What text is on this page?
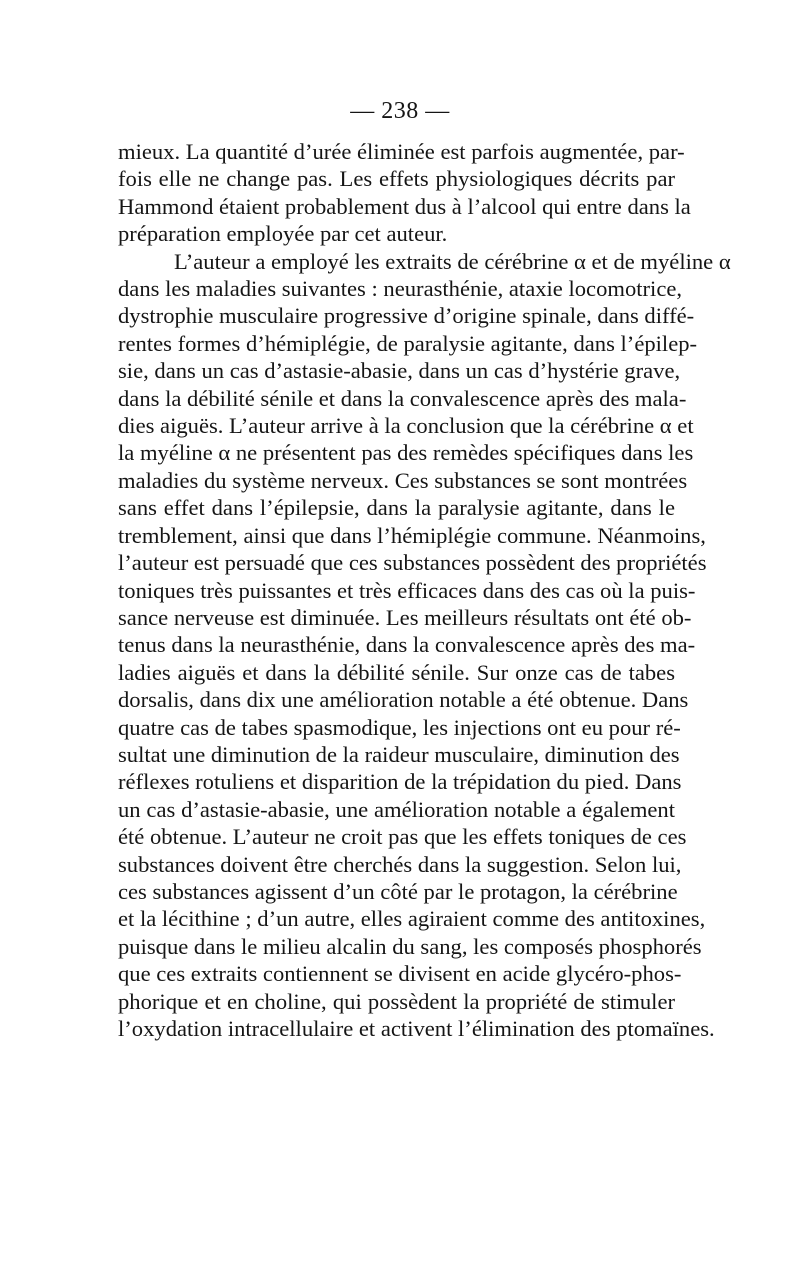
— 238 —
mieux. La quantité d’urée éliminée est parfois augmentée, par-
fois elle ne change pas. Les effets physiologiques décrits par
Hammond étaient probablement dus à l’alcool qui entre dans la
préparation employée par cet auteur.
L’auteur a employé les extraits de cérébrine α et de myéline α
dans les maladies suivantes : neurasthénie, ataxie locomotrice,
dystrophie musculaire progressive d’origine spinale, dans diffé-
rentes formes d’hémiplégie, de paralysie agitante, dans l’épilep-
sie, dans un cas d’astasie-abasie, dans un cas d’hystérie grave,
dans la débilité sénile et dans la convalescence après des mala-
dies aiguës. L’auteur arrive à la conclusion que la cérébrine α et
la myéline α ne présentent pas des remèdes spécifiques dans les
maladies du système nerveux. Ces substances se sont montrées
sans effet dans l’épilepsie, dans la paralysie agitante, dans le
tremblement, ainsi que dans l’hémiplégie commune. Néanmoins,
l’auteur est persuadé que ces substances possèdent des propriétés
toniques très puissantes et très efficaces dans des cas où la puis-
sance nerveuse est diminuée. Les meilleurs résultats ont été ob-
tenus dans la neurasthénie, dans la convalescence après des ma-
ladies aiguës et dans la débilité sénile. Sur onze cas de tabes
dorsalis, dans dix une amélioration notable a été obtenue. Dans
quatre cas de tabes spasmodique, les injections ont eu pour ré-
sultat une diminution de la raideur musculaire, diminution des
réflexes rotuliens et disparition de la trépidation du pied. Dans
un cas d’astasie-abasie, une amélioration notable a également
été obtenue. L’auteur ne croit pas que les effets toniques de ces
substances doivent être cherchés dans la suggestion. Selon lui,
ces substances agissent d’un côté par le protagon, la cérébrine
et la lécithine ; d’un autre, elles agiraient comme des antitoxines,
puisque dans le milieu alcalin du sang, les composés phosphorés
que ces extraits contiennent se divisent en acide glycéro-phos-
phorique et en choline, qui possèdent la propriété de stimuler
l’oxydation intracellulaire et activent l’élimination des ptomaïnes.
